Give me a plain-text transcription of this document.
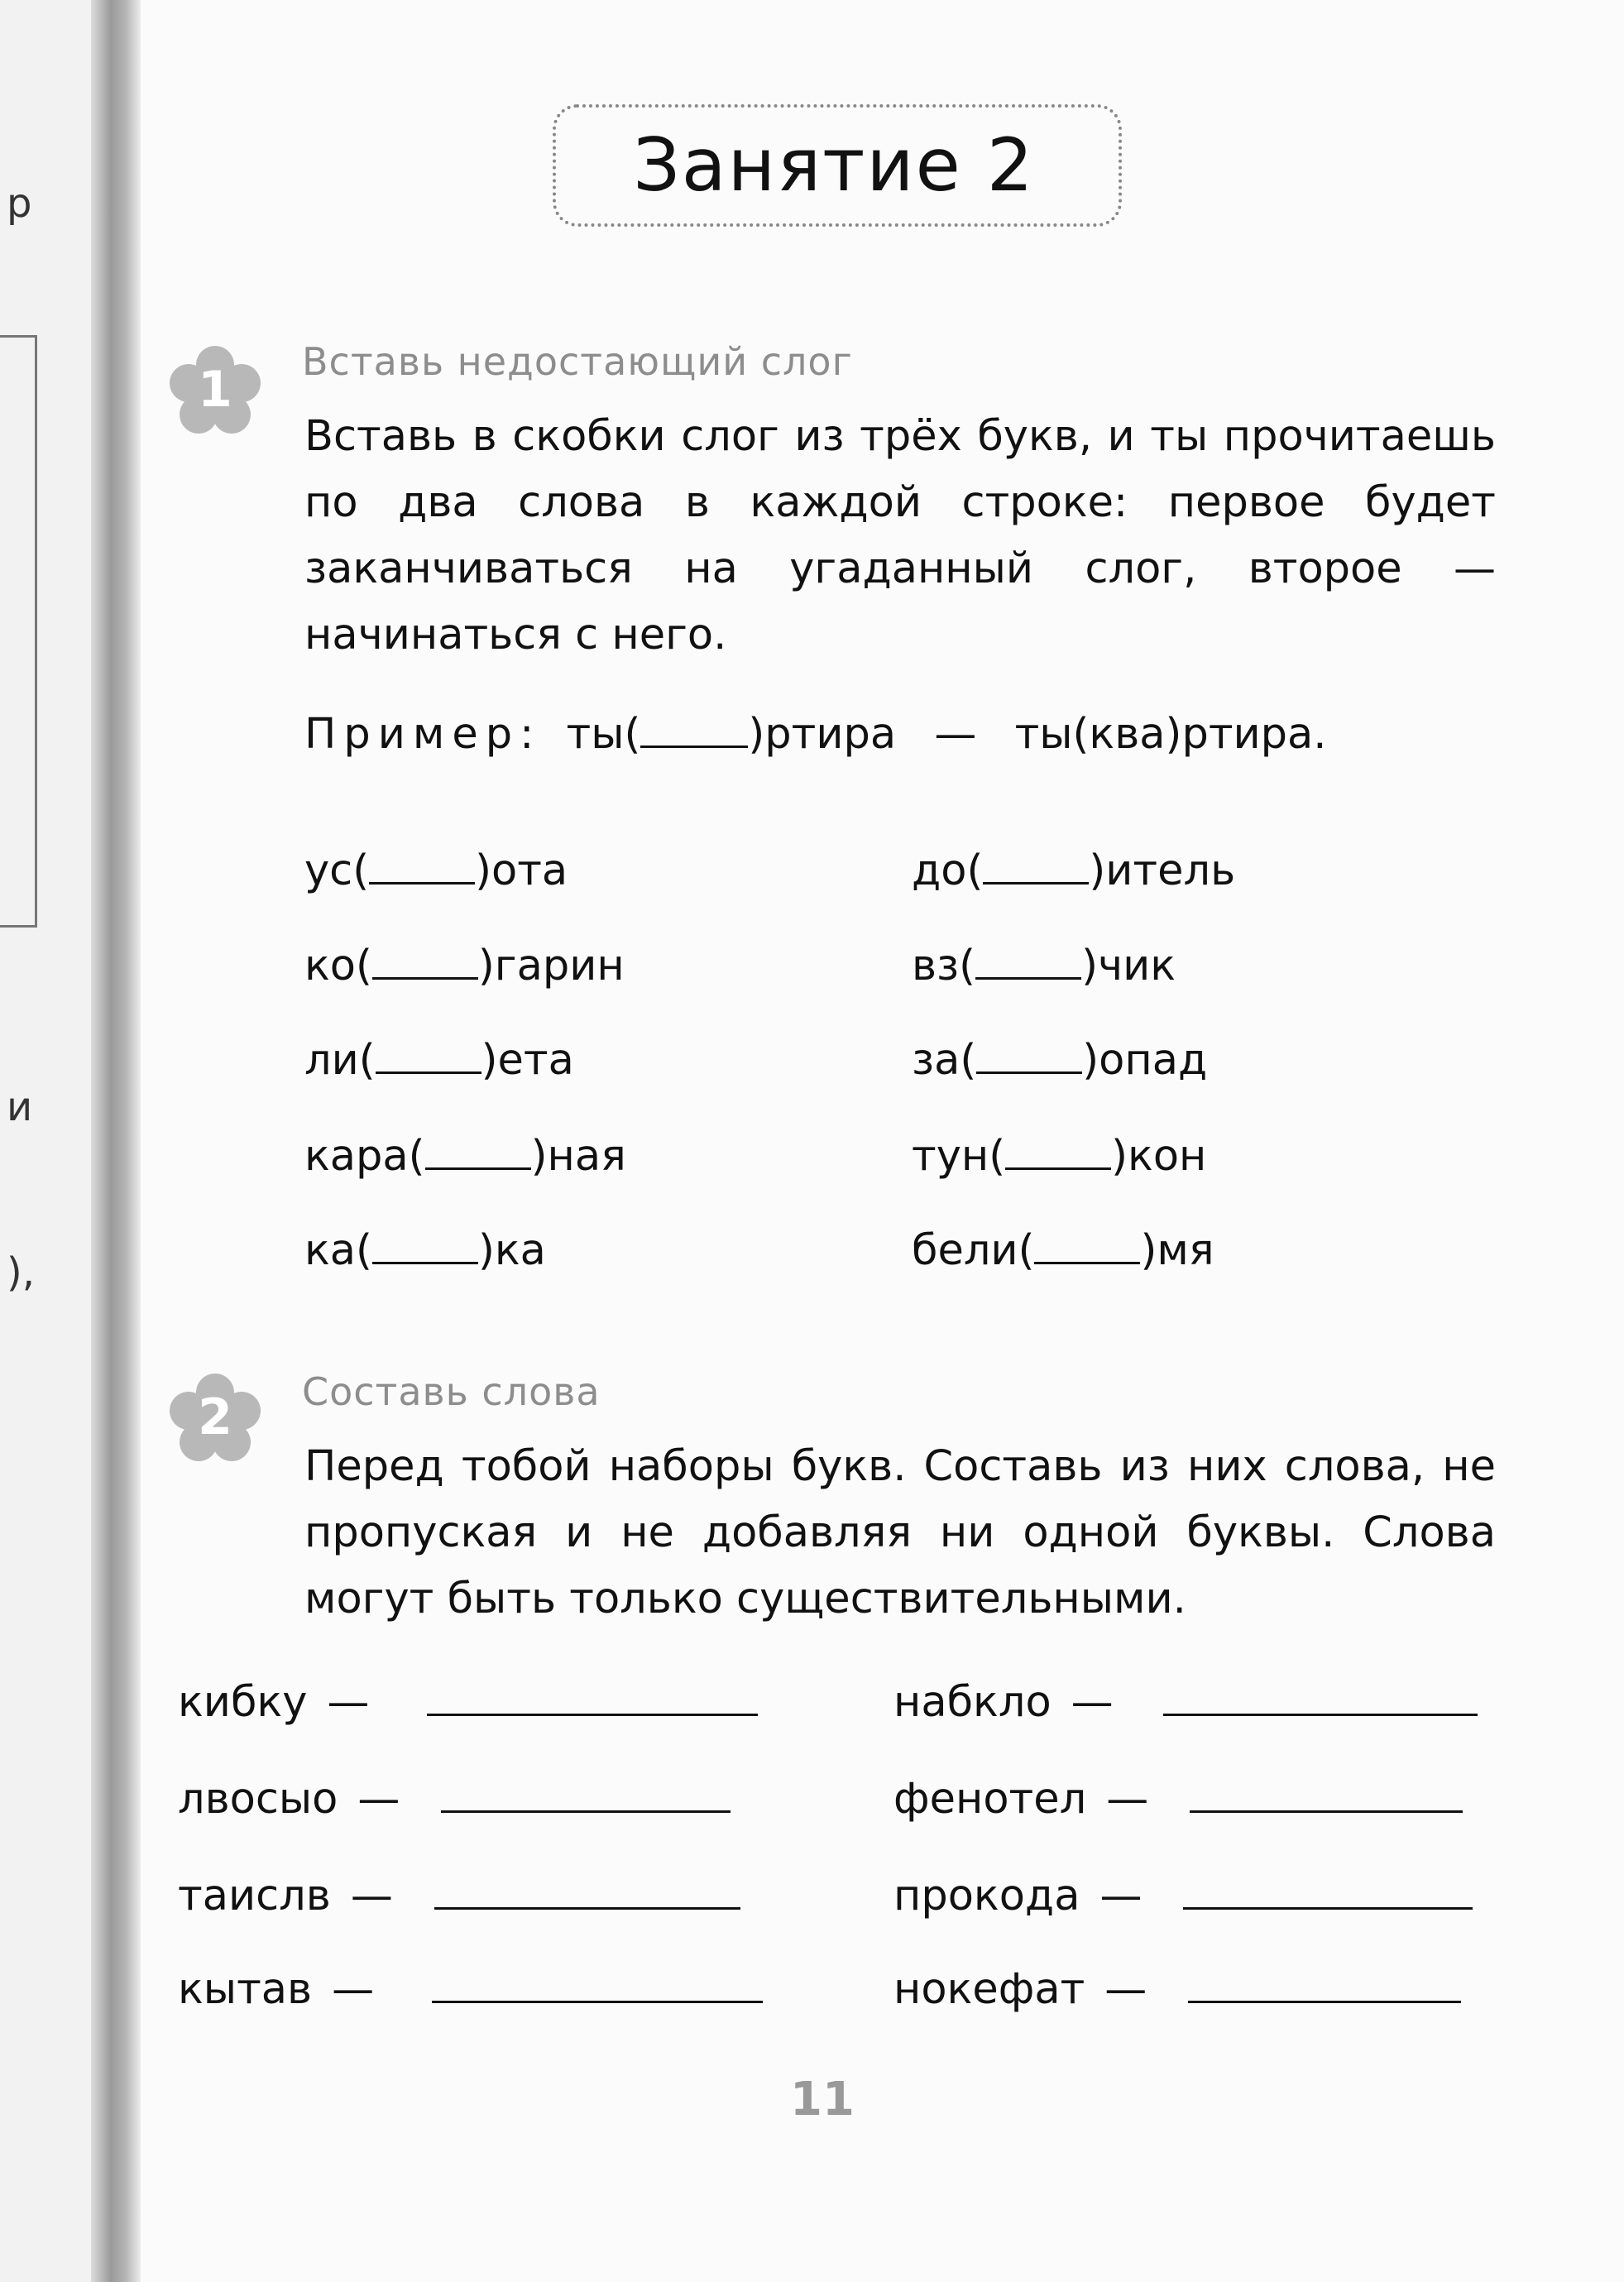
р
и
),
Занятие 2
1	Вставь недостающий слог
Вставь в скобки слог из трёх букв, и ты прочитаешь по два слова в каждой строке: первое будет заканчиваться на угаданный слог, второе — начинаться с него.
Пример: ты(	)ртира — ты(ква)ртира.
ус(	)ота	до(	)итель
ко(	)гарин	вз(	)чик
ли(	)ета	за(	)опад
кара(	)ная	тун(	)кон
ка(	)ка	бели(	)мя
2	Составь слова
Перед тобой наборы букв. Составь из них слова, не пропуская и не добавляя ни одной буквы. Слова могут быть только существительными.
кибку —	набкло —
лвосыо —	фенотел —
таислв —	прокода —
кытав —	нокефат —
11
